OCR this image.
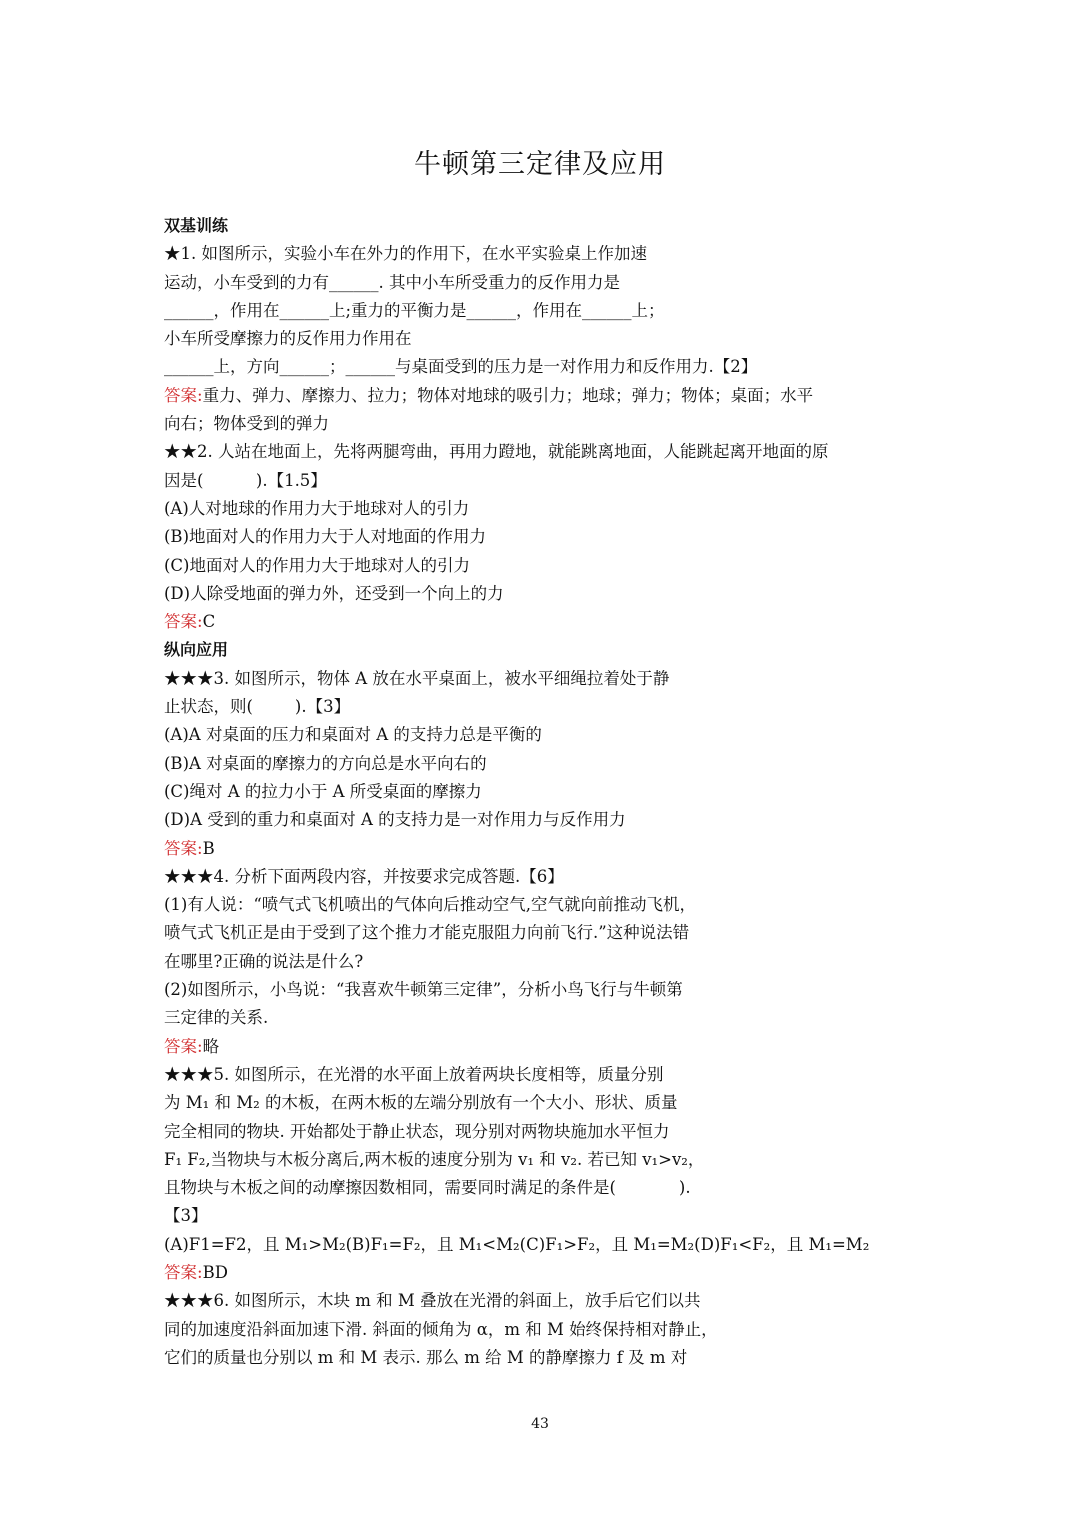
牛顿第三定律及应用
双基训练
★1. 如图所示，实验小车在外力的作用下，在水平实验桌上作加速
运动，小车受到的力有______. 其中小车所受重力的反作用力是
______，作用在______上;重力的平衡力是______，作用在______上；
小车所受摩擦力的反作用力作用在
______上，方向______；______与桌面受到的压力是一对作用力和反作用力.【2】
答案:重力、弹力、摩擦力、拉力；物体对地球的吸引力；地球；弹力；物体；桌面；水平
向右；物体受到的弹力
★★2. 人站在地面上，先将两腿弯曲，再用力蹬地，就能跳离地面，人能跳起离开地面的原
因是(          ).【1.5】
(A)人对地球的作用力大于地球对人的引力
(B)地面对人的作用力大于人对地面的作用力
(C)地面对人的作用力大于地球对人的引力
(D)人除受地面的弹力外，还受到一个向上的力
答案:C
纵向应用
★★★3. 如图所示，物体 A 放在水平桌面上，被水平细绳拉着处于静
止状态，则(        ).【3】
(A)A 对桌面的压力和桌面对 A 的支持力总是平衡的
(B)A 对桌面的摩擦力的方向总是水平向右的
(C)绳对 A 的拉力小于 A 所受桌面的摩擦力
(D)A 受到的重力和桌面对 A 的支持力是一对作用力与反作用力
答案:B
★★★4. 分析下面两段内容，并按要求完成答题.【6】
(1)有人说：“喷气式飞机喷出的气体向后推动空气,空气就向前推动飞机，
喷气式飞机正是由于受到了这个推力才能克服阻力向前飞行.”这种说法错
在哪里?正确的说法是什么?
(2)如图所示，小鸟说：“我喜欢牛顿第三定律”，分析小鸟飞行与牛顿第
三定律的关系.
答案:略
★★★5. 如图所示，在光滑的水平面上放着两块长度相等，质量分别
为 M₁ 和 M₂ 的木板，在两木板的左端分别放有一个大小、形状、质量
完全相同的物块. 开始都处于静止状态，现分别对两物块施加水平恒力
F₁ F₂,当物块与木板分离后,两木板的速度分别为 v₁ 和 v₂. 若已知 v₁>v₂，
且物块与木板之间的动摩擦因数相同，需要同时满足的条件是(            ).
【3】
(A)F1=F2，且 M₁>M₂(B)F₁=F₂，且 M₁<M₂(C)F₁>F₂，且 M₁=M₂(D)F₁<F₂，且 M₁=M₂
答案:BD
★★★6. 如图所示，木块 m 和 M 叠放在光滑的斜面上，放手后它们以共
同的加速度沿斜面加速下滑. 斜面的倾角为 α，m 和 M 始终保持相对静止，
它们的质量也分别以 m 和 M 表示. 那么 m 给 M 的静摩擦力 f 及 m 对
43
